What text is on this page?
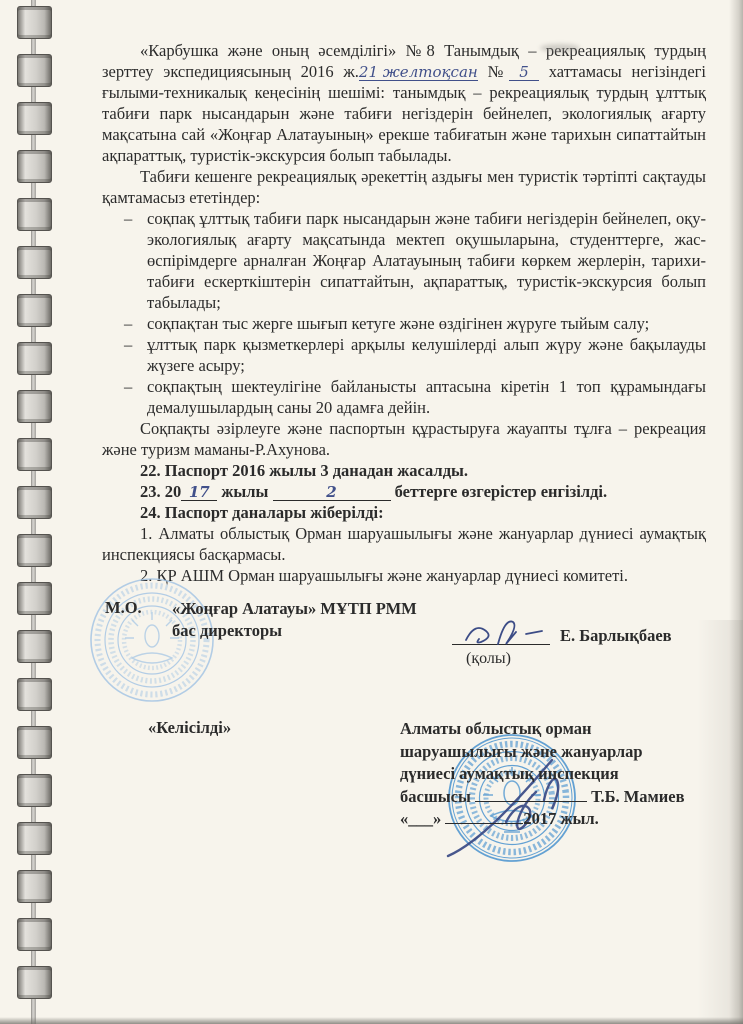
«Карбушка және оның әсемділігі» №8 Танымдық – рекреациялық турдың зерттеу экспедициясының 2016 ж.21 желтоқсан № 5 хаттамасы негізіндегі ғылыми-техникалық кеңесінің шешімі: танымдық – рекреациялық турдың ұлттық табиғи парк нысандарын және табиғи негіздерін бейнелеп, экологиялық ағарту мақсатына сай «Жоңғар Алатауының» ерекше табиғатын және тарихын сипаттайтын ақпараттық, туристік-экскурсия болып табылады.

Табиғи кешенге рекреациялық әрекеттің аздығы мен туристік тәртіпті сақтауды қамтамасыз ететіндер:

– соқпақ ұлттық табиғи парк нысандарын және табиғи негіздерін бейнелеп, оқу-экологиялық ағарту мақсатында мектеп оқушыларына, студенттерге, жас-өспірімдерге арналған Жоңғар Алатауының табиғи көркем жерлерін, тарихи-табиғи ескерткіштерін сипаттайтын, ақпараттық, туристік-экскурсия болып табылады;
– соқпақтан тыс жерге шығып кетуге және өздігінен жүруге тыйым салу;
– ұлттық парк қызметкерлері арқылы келушілерді алып жүру және бақылауды жүзеге асыру;
– соқпақтың шектеулігіне байланысты аптасына кіретін 1 топ құрамындағы демалушылардың саны 20 адамға дейін.

Соқпақты әзірлеуге және паспортын құрастыруға жауапты тұлға – рекреация және туризм маманы-Р.Ахунова.

22. Паспорт 2016 жылы 3 данадан жасалды.

23. 20 17 жылы	2	беттерге өзгерістер енгізілді.

24. Паспорт даналары жіберілді:

1. Алматы облыстық Орман шаруашылығы және жануарлар дүниесі аумақтық инспекциясы басқармасы.

2. ҚР АШМ Орман шаруашылығы және жануарлар дүниесі комитеті.

М.О. «Жоңғар Алатауы» МҰТП РММ
бас директоры

(қолы)

Е. Барлықбаев

«Келісілді»	Алматы облыстық орман
шаруашылығы және жануарлар
дүниесі аумақтық инспекция
басшысы	Т.Б. Мамиев
«___»	2017 жыл.
